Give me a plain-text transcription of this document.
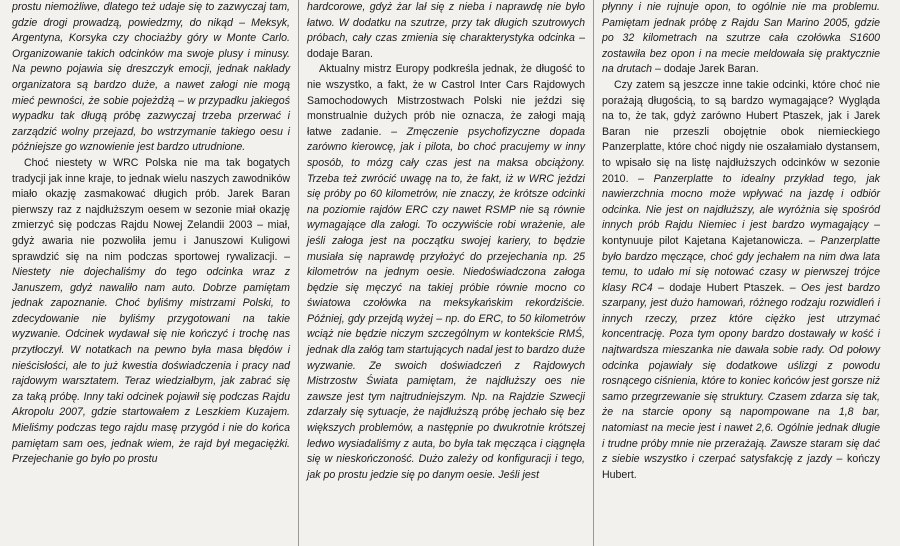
prostu niemożliwe, dlatego też udaje się to zazwyczaj tam, gdzie drogi prowadzą, powiedzmy, do nikąd – Meksyk, Argentyna, Korsyka czy chociażby góry w Monte Carlo. Organizowanie takich odcinków ma swoje plusy i minusy. Na pewno pojawia się dreszczyk emocji, jednak nakłady organizatora są bardzo duże, a nawet załogi nie mogą mieć pewności, że sobie pojeżdżą – w przypadku jakiegoś wypadku tak długą próbę zazwyczaj trzeba przerwać i zarządzić wolny przejazd, bo wstrzymanie takiego oesu i późniejsze go wznowienie jest bardzo utrudnione.

Choć niestety w WRC Polska nie ma tak bogatych tradycji jak inne kraje, to jednak wielu naszych zawodników miało okazję zasmakować długich prób. Jarek Baran pierwszy raz z najdłuższym oesem w sezonie miał okazję zmierzyć się podczas Rajdu Nowej Zelandii 2003 – miał, gdyż awaria nie pozwoliła jemu i Januszowi Kuligowi sprawdzić się na nim podczas sportowej rywalizacji. – Niestety nie dojechaliśmy do tego odcinka wraz z Januszem, gdyż nawaliło nam auto. Dobrze pamiętam jednak zapoznanie. Choć byliśmy mistrzami Polski, to zdecydowanie nie byliśmy przygotowani na takie wyzwanie. Odcinek wydawał się nie kończyć i trochę nas przytłoczył. W notatkach na pewno była masa błędów i nieścisłości, ale to już kwestia doświadczenia i pracy nad rajdowym warsztatem. Teraz wiedziałbym, jak zabrać się za taką próbę. Inny taki odcinek pojawił się podczas Rajdu Akropolu 2007, gdzie startowałem z Leszkiem Kuzajem. Mieliśmy podczas tego rajdu masę przygód i nie do końca pamiętam sam oes, jednak wiem, że rajd był megaciężki. Przejechanie go było po prostu

hardcorowe, gdyż żar lał się z nieba i naprawdę nie było łatwo. W dodatku na szutrze, przy tak długich szutrowych próbach, cały czas zmienia się charakterystyka odcinka – dodaje Baran.

Aktualny mistrz Europy podkreśla jednak, że długość to nie wszystko, a fakt, że w Castrol Inter Cars Rajdowych Samochodowych Mistrzostwach Polski nie jeździ się monstrualnie dużych prób nie oznacza, że załogi mają łatwe zadanie. – Zmęczenie psychofizyczne dopada zarówno kierowcę, jak i pilota, bo choć pracujemy w inny sposób, to mózg cały czas jest na maksa obciążony. Trzeba też zwrócić uwagę na to, że fakt, iż w WRC jeździ się próby po 60 kilometrów, nie znaczy, że krótsze odcinki na poziomie rajdów ERC czy nawet RSMP nie są równie wymagające dla załogi. To oczywiście robi wrażenie, ale jeśli załoga jest na początku swojej kariery, to będzie musiała się naprawdę przyłożyć do przejechania np. 25 kilometrów na jednym oesie. Niedoświadczona załoga będzie się męczyć na takiej próbie równie mocno co światowa czołówka na meksykańskim rekordziście. Później, gdy przejdą wyżej – np. do ERC, to 50 kilometrów wciąż nie będzie niczym szczególnym w kontekście RMŚ, jednak dla załóg tam startujących nadal jest to bardzo duże wyzwanie. Ze swoich doświadczeń z Rajdowych Mistrzostw Świata pamiętam, że najdłuższy oes nie zawsze jest tym najtrudniejszym. Np. na Rajdzie Szwecji zdarzały się sytuacje, że najdłuższą próbę jechało się bez większych problemów, a następnie po dwukrotnie krótszej ledwo wysiadaliśmy z auta, bo była tak męcząca i ciągnęła się w nieskończoność. Dużo zależy od konfiguracji i tego, jak po prostu jedzie się po danym oesie. Jeśli jest

płynny i nie rujnuje opon, to ogólnie nie ma problemu. Pamiętam jednak próbę z Rajdu San Marino 2005, gdzie po 32 kilometrach na szutrze cała czołówka S1600 zostawiła bez opon i na mecie meldowała się praktycznie na drutach – dodaje Jarek Baran.

Czy zatem są jeszcze inne takie odcinki, które choć nie porażają długością, to są bardzo wymagające? Wygląda na to, że tak, gdyż zarówno Hubert Ptaszek, jak i Jarek Baran nie przeszli obojętnie obok niemieckiego Panzerplatte, które choć nigdy nie oszałamiało dystansem, to wpisało się na listę najdłuższych odcinków w sezonie 2010. – Panzerplatte to idealny przykład tego, jak nawierzchnia mocno może wpływać na jazdę i odbiór odcinka. Nie jest on najdłuższy, ale wyróżnia się spośród innych prób Rajdu Niemiec i jest bardzo wymagający – kontynuuje pilot Kajetana Kajetanowicza. – Panzerplatte było bardzo męczące, choć gdy jechałem na nim dwa lata temu, to udało mi się notować czasy w pierwszej trójce klasy RC4 – dodaje Hubert Ptaszek. – Oes jest bardzo szarpany, jest dużo hamowań, różnego rodzaju rozwidleń i innych rzeczy, przez które ciężko jest utrzymać koncentrację. Poza tym opony bardzo dostawały w kość i najtwardsza mieszanka nie dawała sobie rady. Od połowy odcinka pojawiały się dodatkowe uślizgi z powodu rosnącego ciśnienia, które to koniec końców jest gorsze niż samo przegrzewanie się struktury. Czasem zdarza się tak, że na starcie opony są napompowane na 1,8 bar, natomiast na mecie jest i nawet 2,6. Ogólnie jednak długie i trudne próby mnie nie przerażają. Zawsze staram się dać z siebie wszystko i czerpać satysfakcję z jazdy – kończy Hubert.
